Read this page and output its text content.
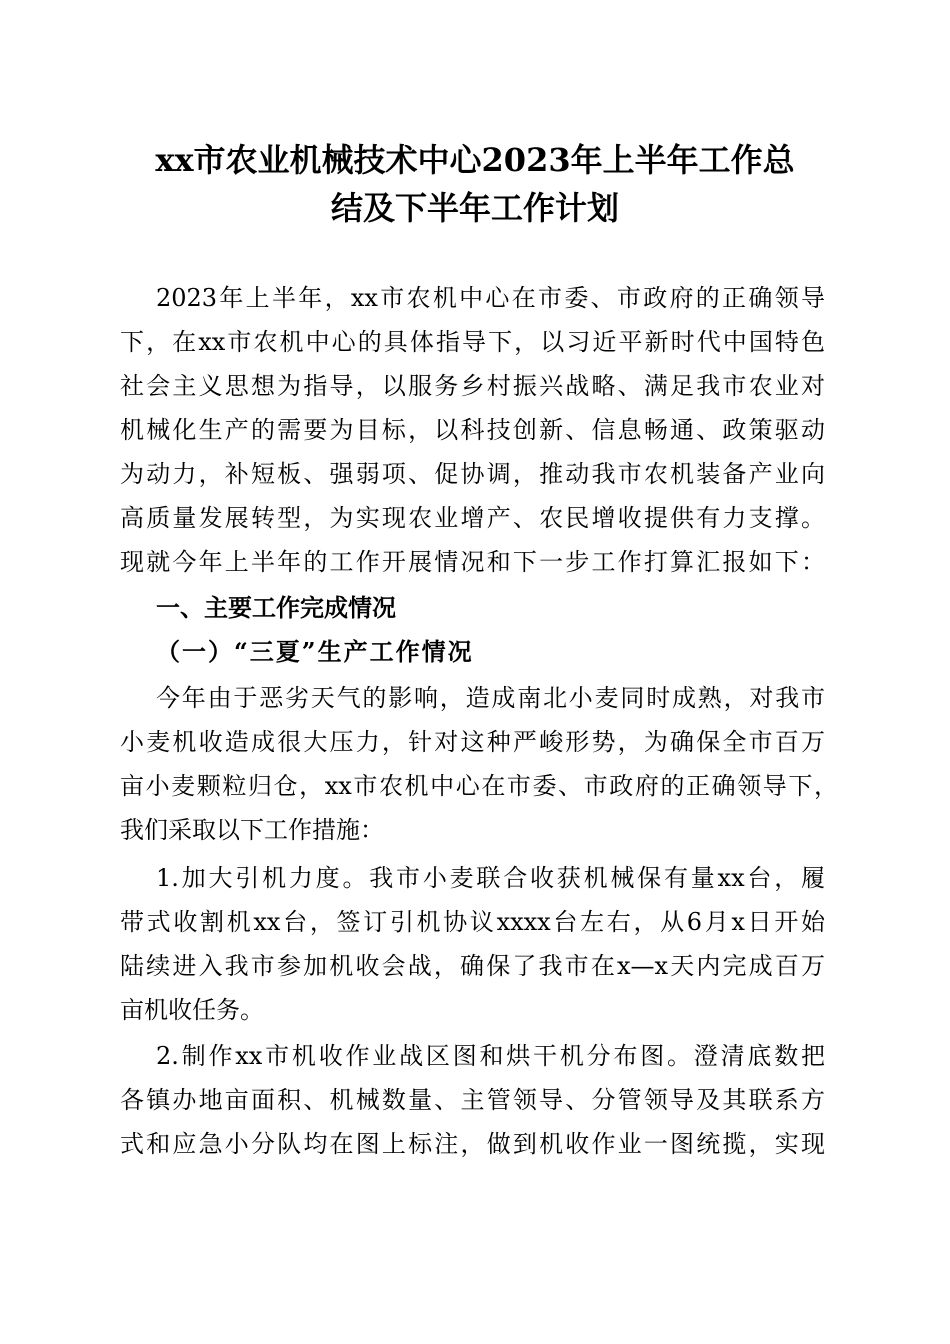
xx市农业机械技术中心2023年上半年工作总
结及下半年工作计划
2023年上半年，xx市农机中心在市委、市政府的正确领导
下，在xx市农机中心的具体指导下，以习近平新时代中国特色
社会主义思想为指导，以服务乡村振兴战略、满足我市农业对
机械化生产的需要为目标，以科技创新、信息畅通、政策驱动
为动力，补短板、强弱项、促协调，推动我市农机装备产业向
高质量发展转型，为实现农业增产、农民增收提供有力支撑。
现就今年上半年的工作开展情况和下一步工作打算汇报如下：
一、主要工作完成情况
（一）“三夏”生产工作情况
今年由于恶劣天气的影响，造成南北小麦同时成熟，对我市
小麦机收造成很大压力，针对这种严峻形势，为确保全市百万
亩小麦颗粒归仓，xx市农机中心在市委、市政府的正确领导下，
我们采取以下工作措施：
1.加大引机力度。我市小麦联合收获机械保有量xx台，履
带式收割机xx台，签订引机协议xxxx台左右，从6月x日开始
陆续进入我市参加机收会战，确保了我市在x—x天内完成百万
亩机收任务。
2.制作xx市机收作业战区图和烘干机分布图。澄清底数把
各镇办地亩面积、机械数量、主管领导、分管领导及其联系方
式和应急小分队均在图上标注，做到机收作业一图统揽，实现
